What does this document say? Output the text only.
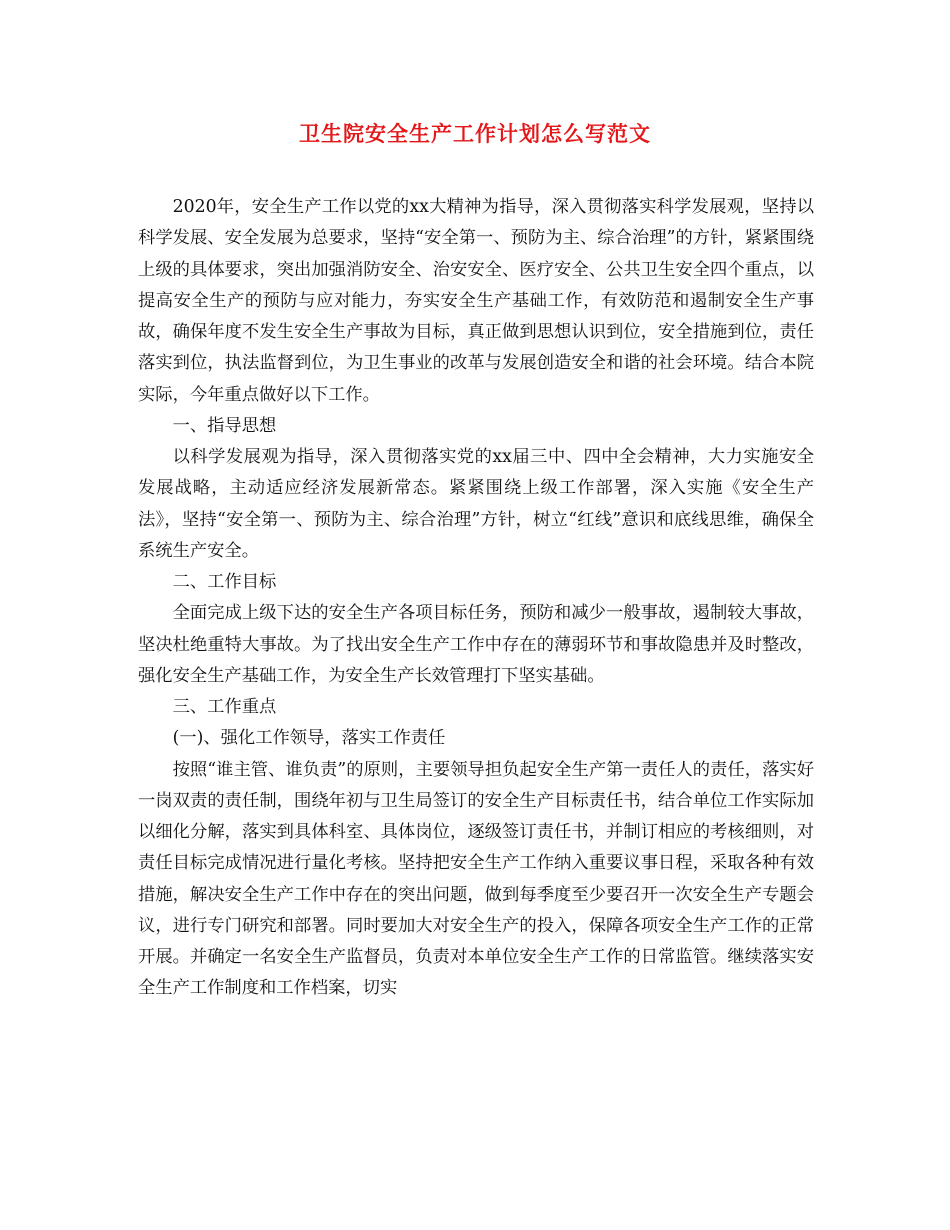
卫生院安全生产工作计划怎么写范文

2020年，安全生产工作以党的xx大精神为指导，深入贯彻落实科学发展观，坚持以科学发展、安全发展为总要求，坚持“安全第一、预防为主、综合治理”的方针，紧紧围绕上级的具体要求，突出加强消防安全、治安安全、医疗安全、公共卫生安全四个重点，以提高安全生产的预防与应对能力，夯实安全生产基础工作，有效防范和遏制安全生产事故，确保年度不发生安全生产事故为目标，真正做到思想认识到位，安全措施到位，责任落实到位，执法监督到位，为卫生事业的改革与发展创造安全和谐的社会环境。结合本院实际，今年重点做好以下工作。

一、指导思想

以科学发展观为指导，深入贯彻落实党的xx届三中、四中全会精神，大力实施安全发展战略，主动适应经济发展新常态。紧紧围绕上级工作部署，深入实施《安全生产法》，坚持“安全第一、预防为主、综合治理”方针，树立“红线”意识和底线思维，确保全系统生产安全。

二、工作目标

全面完成上级下达的安全生产各项目标任务，预防和减少一般事故，遏制较大事故，坚决杜绝重特大事故。为了找出安全生产工作中存在的薄弱环节和事故隐患并及时整改，强化安全生产基础工作，为安全生产长效管理打下坚实基础。

三、工作重点

(一)、强化工作领导，落实工作责任

按照“谁主管、谁负责”的原则，主要领导担负起安全生产第一责任人的责任，落实好一岗双责的责任制，围绕年初与卫生局签订的安全生产目标责任书，结合单位工作实际加以细化分解，落实到具体科室、具体岗位，逐级签订责任书，并制订相应的考核细则，对责任目标完成情况进行量化考核。坚持把安全生产工作纳入重要议事日程，采取各种有效措施，解决安全生产工作中存在的突出问题，做到每季度至少要召开一次安全生产专题会议，进行专门研究和部署。同时要加大对安全生产的投入，保障各项安全生产工作的正常开展。并确定一名安全生产监督员，负责对本单位安全生产工作的日常监管。继续落实安全生产工作制度和工作档案，切实
